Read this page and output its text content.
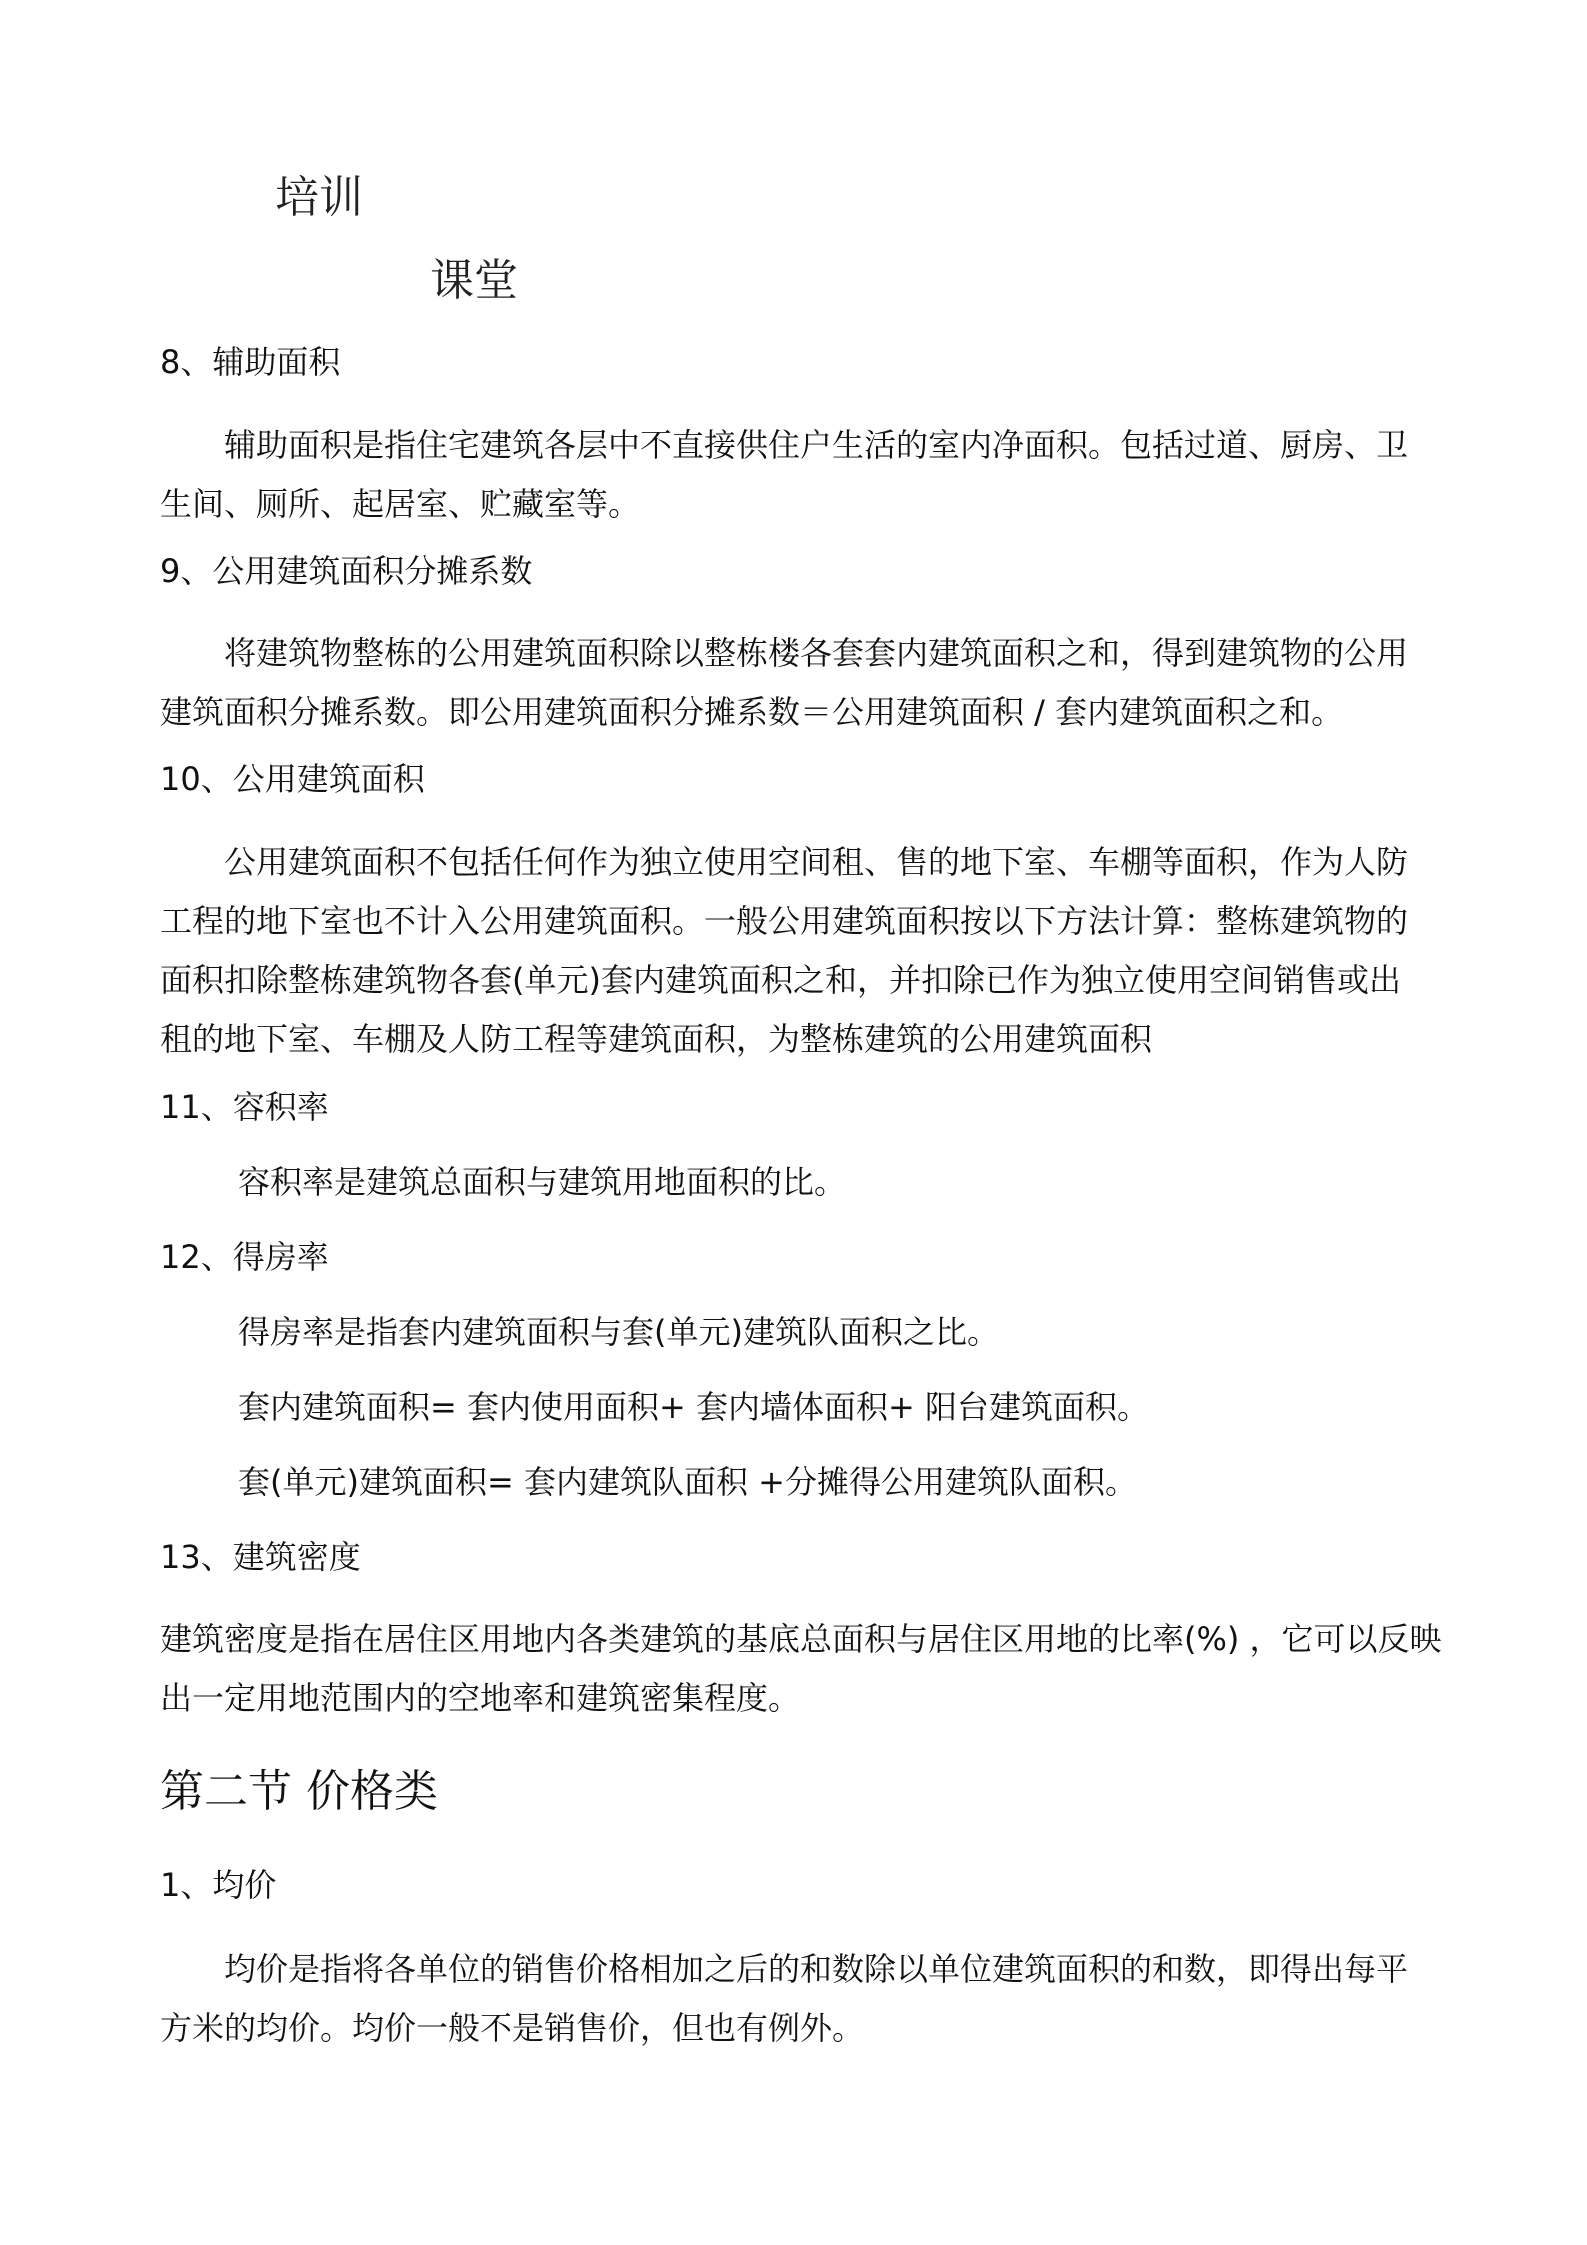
培训
课堂
8、辅助面积
辅助面积是指住宅建筑各层中不直接供住户生活的室内净面积。包括过道、厨房、卫生间、厕所、起居室、贮藏室等。
9、公用建筑面积分摊系数
将建筑物整栋的公用建筑面积除以整栋楼各套套内建筑面积之和，得到建筑物的公用建筑面积分摊系数。即公用建筑面积分摊系数＝公用建筑面积 / 套内建筑面积之和。
10、公用建筑面积
公用建筑面积不包括任何作为独立使用空间租、售的地下室、车棚等面积，作为人防工程的地下室也不计入公用建筑面积。一般公用建筑面积按以下方法计算：整栋建筑物的面积扣除整栋建筑物各套(单元)套内建筑面积之和，并扣除已作为独立使用空间销售或出租的地下室、车棚及人防工程等建筑面积，为整栋建筑的公用建筑面积
11、容积率
容积率是建筑总面积与建筑用地面积的比。
12、得房率
得房率是指套内建筑面积与套(单元)建筑队面积之比。
套内建筑面积= 套内使用面积+ 套内墙体面积+ 阳台建筑面积。
套(单元)建筑面积= 套内建筑队面积 +分摊得公用建筑队面积。
13、建筑密度
建筑密度是指在居住区用地内各类建筑的基底总面积与居住区用地的比率(%) ，它可以反映出一定用地范围内的空地率和建筑密集程度。
第二节 价格类
1、均价
均价是指将各单位的销售价格相加之后的和数除以单位建筑面积的和数，即得出每平方米的均价。均价一般不是销售价，但也有例外。
